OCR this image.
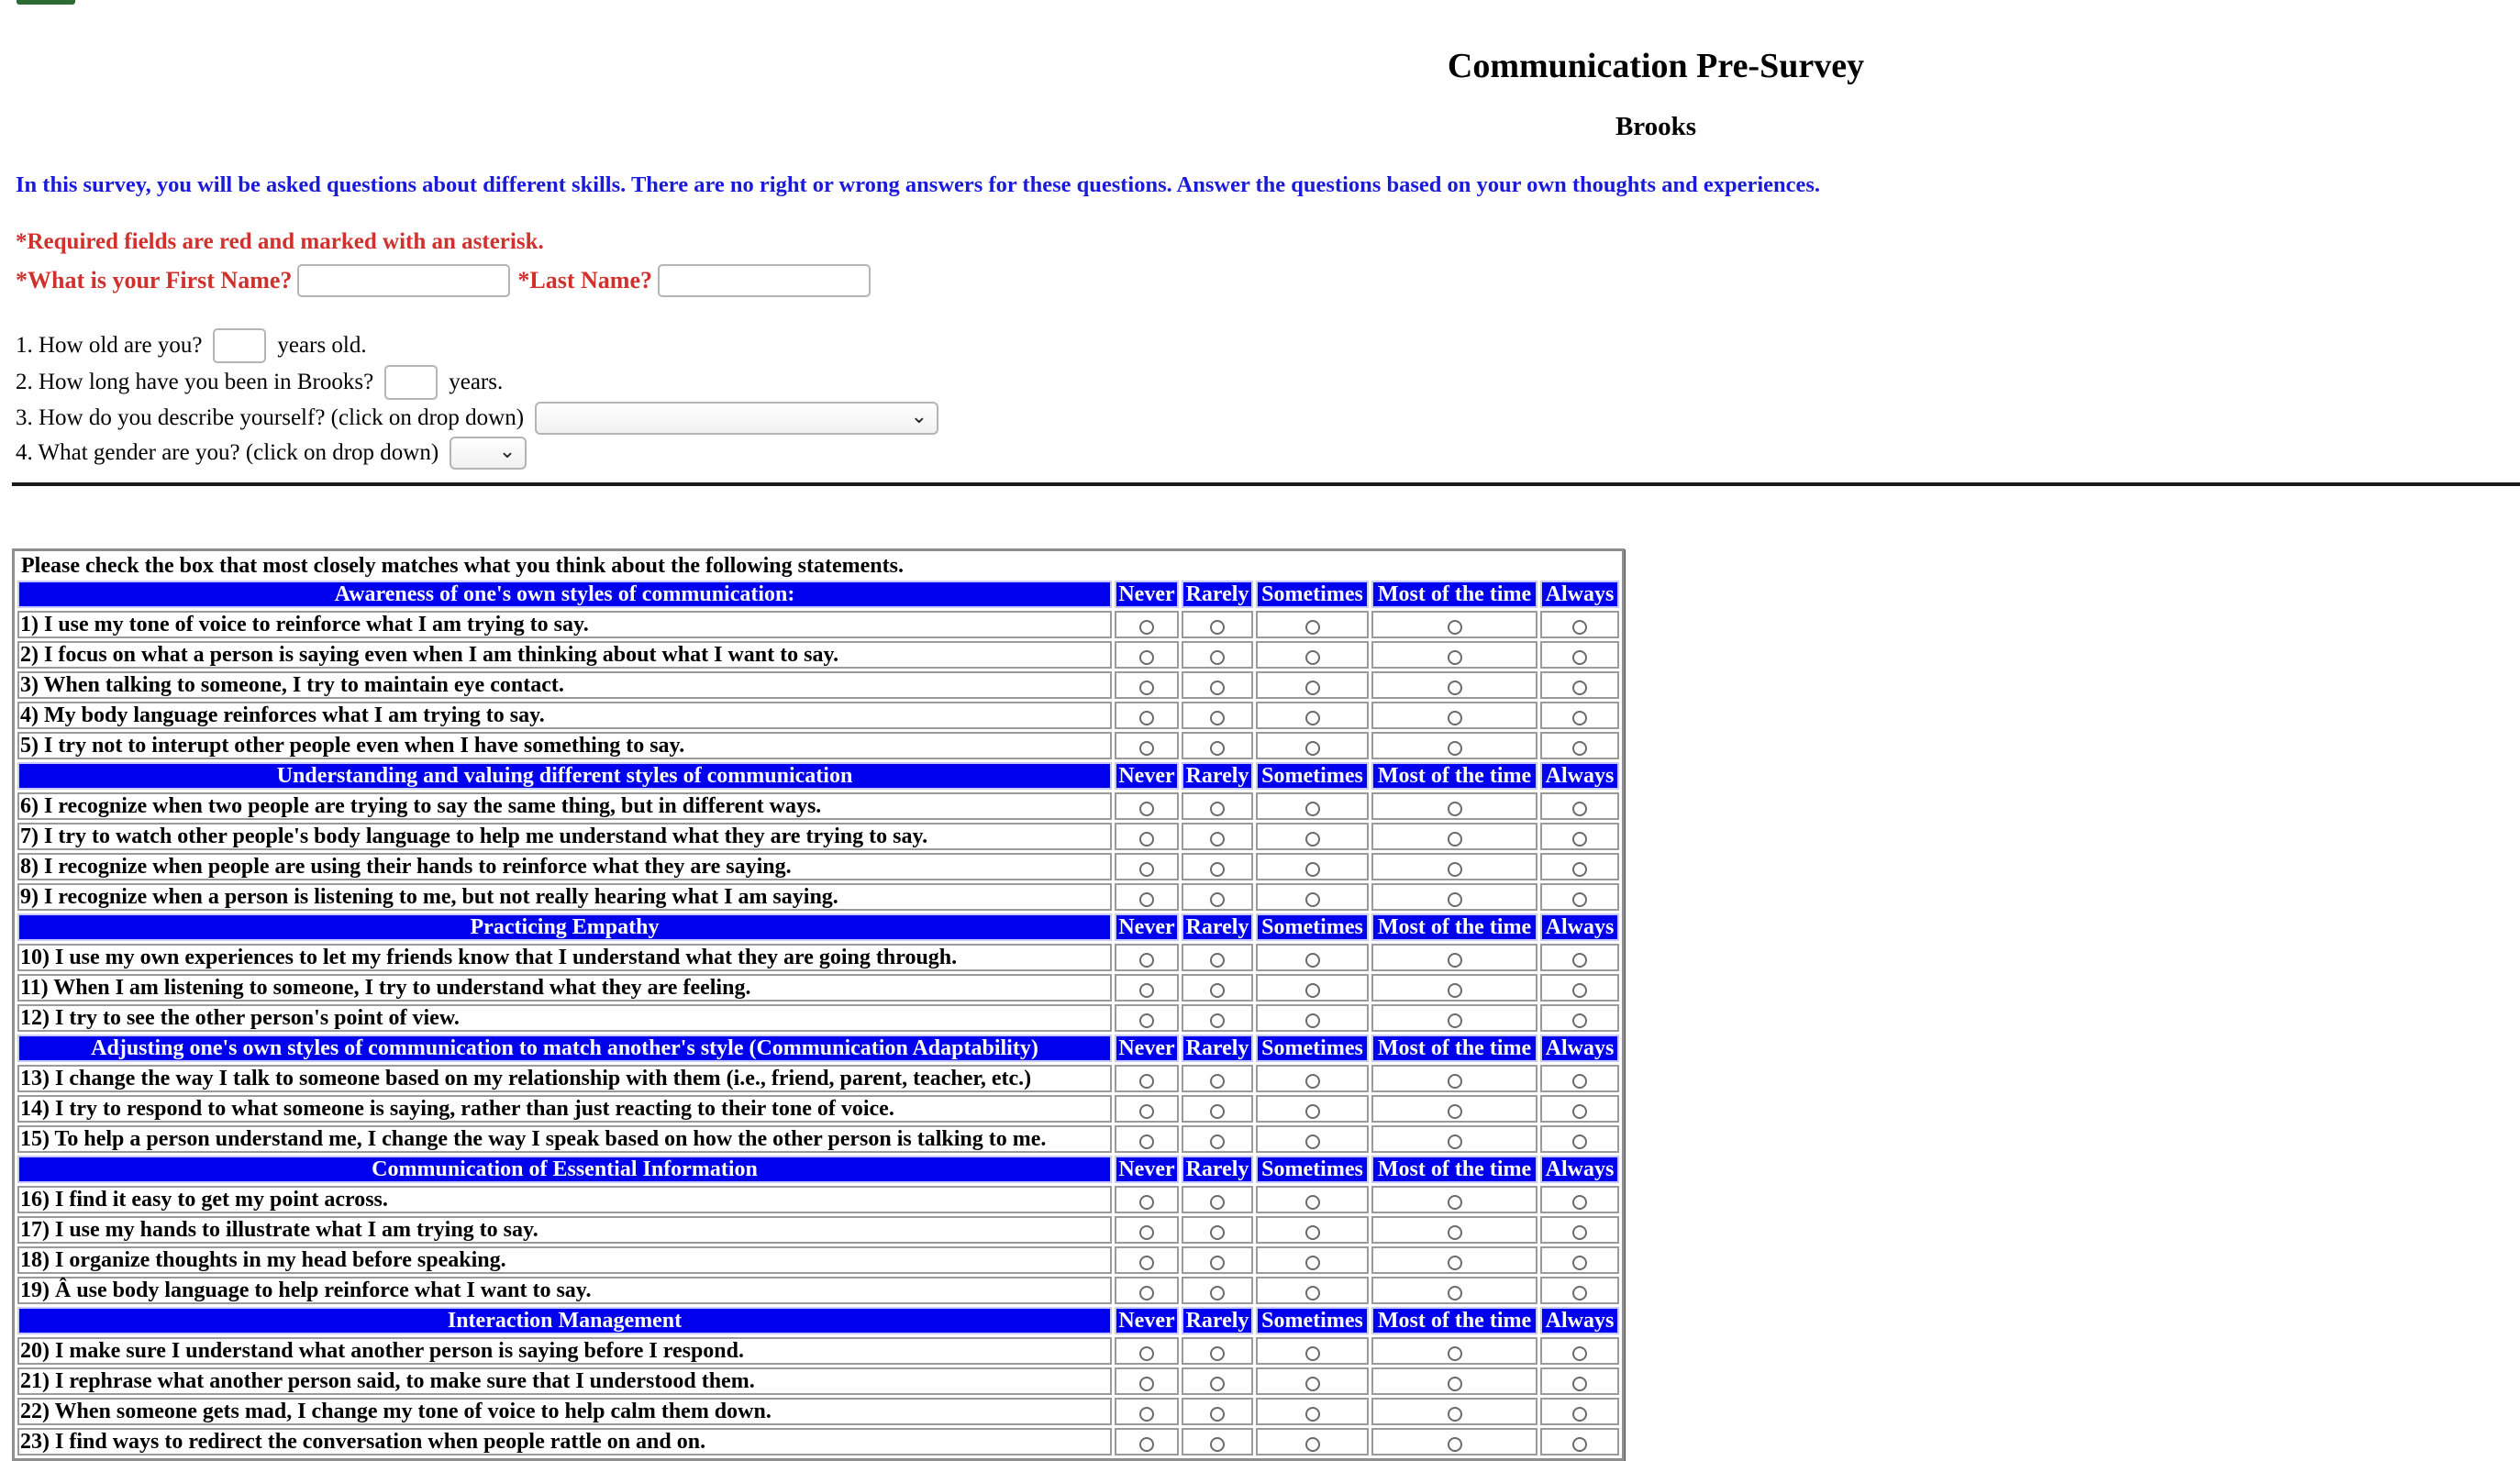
Communication Pre-Survey
Brooks
In this survey, you will be asked questions about different skills. There are no right or wrong answers for these questions. Answer the questions based on your own thoughts and experiences.
*Required fields are red and marked with an asterisk.
*What is your First Name?	*Last Name?
1. How old are you?	years old.
2. How long have you been in Brooks?	years.
3. How do you describe yourself? (click on drop down)	⌄
4. What gender are you? (click on drop down)	⌄
Please check the box that most closely matches what you think about the following statements.					
Awareness of one's own styles of communication:	Never	Rarely	Sometimes	Most of the time	Always
1) I use my tone of voice to reinforce what I am trying to say.					
2) I focus on what a person is saying even when I am thinking about what I want to say.					
3) When talking to someone, I try to maintain eye contact.					
4) My body language reinforces what I am trying to say.					
5) I try not to interupt other people even when I have something to say.					
Understanding and valuing different styles of communication	Never	Rarely	Sometimes	Most of the time	Always
6) I recognize when two people are trying to say the same thing, but in different ways.					
7) I try to watch other people's body language to help me understand what they are trying to say.					
8) I recognize when people are using their hands to reinforce what they are saying.					
9) I recognize when a person is listening to me, but not really hearing what I am saying.					
Practicing Empathy	Never	Rarely	Sometimes	Most of the time	Always
10) I use my own experiences to let my friends know that I understand what they are going through.					
11) When I am listening to someone, I try to understand what they are feeling.					
12) I try to see the other person's point of view.					
Adjusting one's own styles of communication to match another's style (Communication Adaptability)	Never	Rarely	Sometimes	Most of the time	Always
13) I change the way I talk to someone based on my relationship with them (i.e., friend, parent, teacher, etc.)					
14) I try to respond to what someone is saying, rather than just reacting to their tone of voice.					
15) To help a person understand me, I change the way I speak based on how the other person is talking to me.					
Communication of Essential Information	Never	Rarely	Sometimes	Most of the time	Always
16) I find it easy to get my point across.					
17) I use my hands to illustrate what I am trying to say.					
18) I organize thoughts in my head before speaking.					
19) Â use body language to help reinforce what I want to say.					
Interaction Management	Never	Rarely	Sometimes	Most of the time	Always
20) I make sure I understand what another person is saying before I respond.					
21) I rephrase what another person said, to make sure that I understood them.					
22) When someone gets mad, I change my tone of voice to help calm them down.					
23) I find ways to redirect the conversation when people rattle on and on.					
